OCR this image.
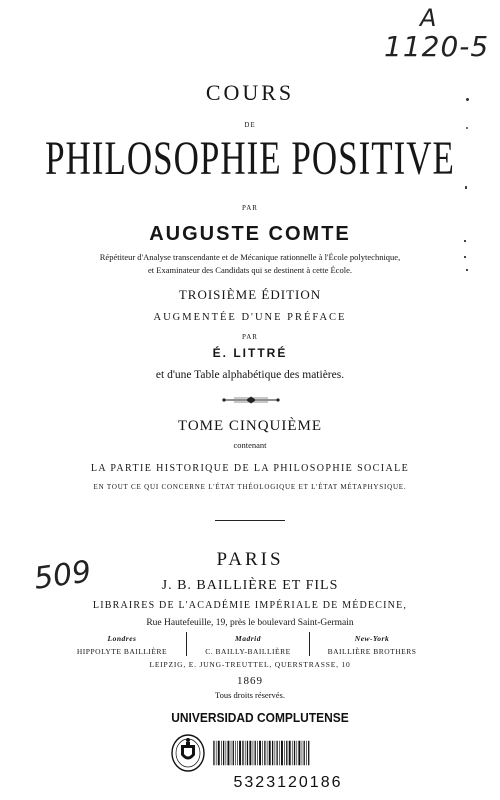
A
1120-5
509
COURS
DE
PHILOSOPHIE POSITIVE
PAR
AUGUSTE COMTE
Répétiteur d'Analyse transcendante et de Mécanique rationnelle à l'École polytechnique,
et Examinateur des Candidats qui se destinent à cette École.
TROISIÈME ÉDITION
AUGMENTÉE D'UNE PRÉFACE
PAR
É. LITTRÉ
et d'une Table alphabétique des matières.
TOME CINQUIÈME
contenant
LA PARTIE HISTORIQUE DE LA PHILOSOPHIE SOCIALE
EN TOUT CE QUI CONCERNE L'ÉTAT THÉOLOGIQUE ET L'ÉTAT MÉTAPHYSIQUE.
PARIS
J. B. BAILLIÈRE ET FILS
LIBRAIRES DE L'ACADÉMIE IMPÉRIALE DE MÉDECINE,
Rue Hautefeuille, 19, près le boulevard Saint-Germain
Londres
HIPPOLYTE BAILLIÈRE
Madrid
C. BAILLY-BAILLIÈRE
New-York
BAILLIÈRE BROTHERS
LEIPZIG, E. JUNG-TREUTTEL, QUERSTRASSE, 10
1869
Tous droits réservés.
UNIVERSIDAD COMPLUTENSE
5323120186
